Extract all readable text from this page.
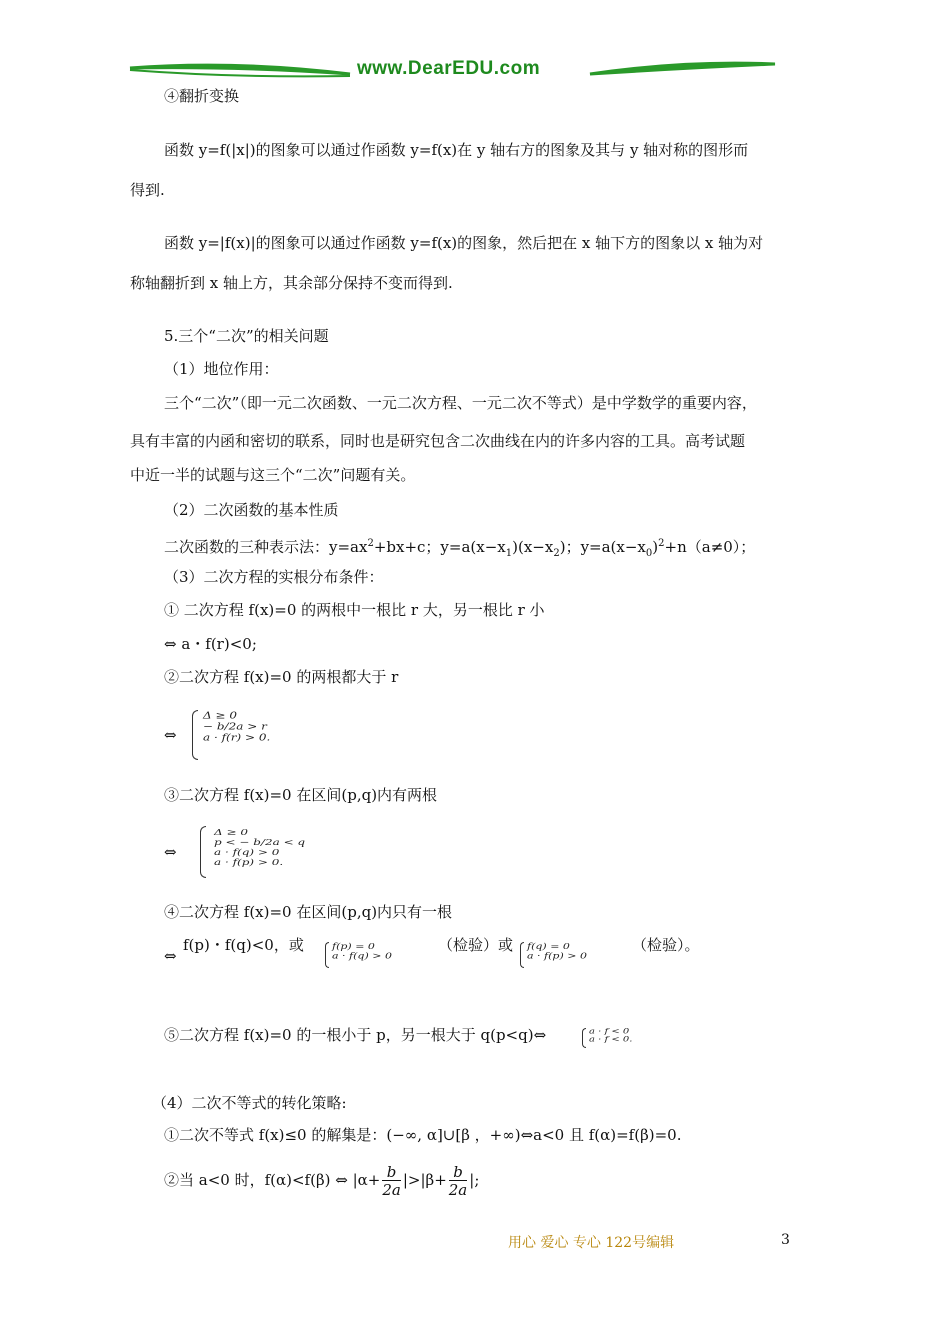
www.DearEDU.com
④翻折变换
函数 y=f(|x|)的图象可以通过作函数 y=f(x)在 y 轴右方的图象及其与 y 轴对称的图形而
得到.
函数 y=|f(x)|的图象可以通过作函数 y=f(x)的图象，然后把在 x 轴下方的图象以 x 轴为对
称轴翻折到 x 轴上方，其余部分保持不变而得到.
5.三个“二次”的相关问题
（1）地位作用：
三个“二次”（即一元二次函数、一元二次方程、一元二次不等式）是中学数学的重要内容，
具有丰富的内函和密切的联系，同时也是研究包含二次曲线在内的许多内容的工具。高考试题
中近一半的试题与这三个“二次”问题有关。
（2）二次函数的基本性质
二次函数的三种表示法：$y=ax^2+bx+c$；$y=a(x-x_1)(x-x_2)$；$y=a(x-x_0)^2+n(a\ne 0)$；
（3）二次方程的实根分布条件：
① 二次方程 f(x)=0 的两根中一根比 r 大，另一根比 r 小
⇔ a・f(r)<0;
②二次方程 f(x)=0 的两根都大于 r
⇔
Δ ≥ 0
− b/2a > r
a · f(r) > 0.
③二次方程 f(x)=0 在区间(p,q)内有两根
⇔
Δ ≥ 0
p < − b/2a < q
a · f(q) > 0
a · f(p) > 0.
④二次方程 f(x)=0 在区间(p,q)内只有一根
⇔
f(p)・f(q)<0，或	f(p) = 0
a · f(q) > 0
（检验）或 f(q) = 0
a · f(p) > 0
（检验）。
⑤二次方程 f(x)=0 的一根小于 p，另一根大于 q(p<q)⇔	a · f < 0
a · f < 0.
（4）二次不等式的转化策略:
①二次不等式 f(x)≤0 的解集是：(−∞, α]∪[β ，+∞)⇔a<0 且 f(α)=f(β)=0.
②当 a<0 时，f(α)<f(β) ⇔ $|\alpha+ \frac{b}{2a} |>|\beta+ \frac{b}{2a}$ |;
用心 爱心 专心 122号编辑	3
